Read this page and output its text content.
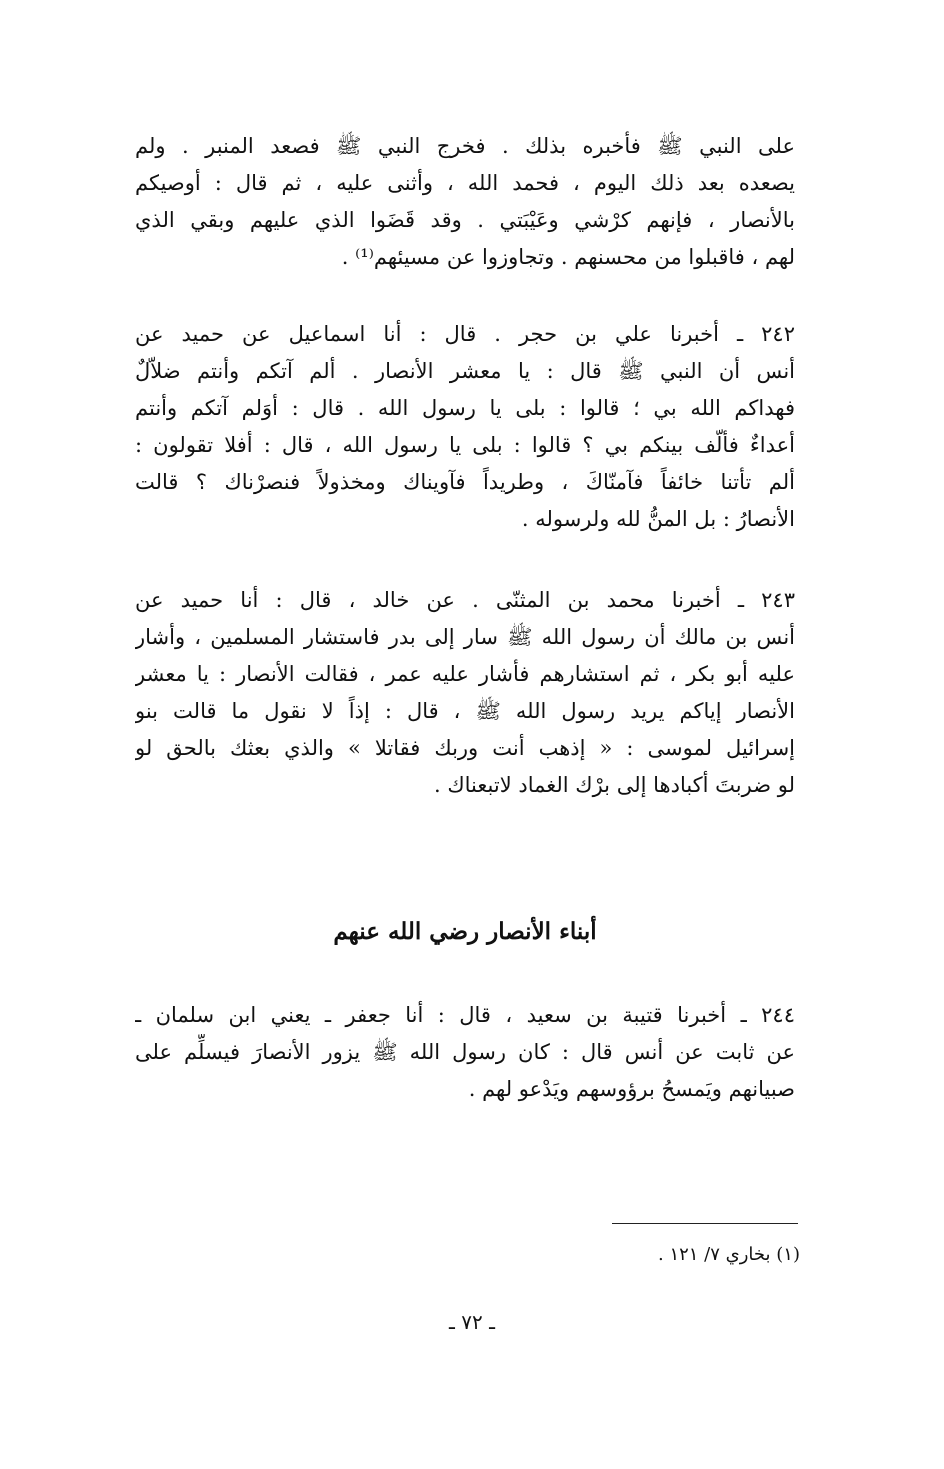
على النبي ﷺ فأخبره بذلك . فخرج النبي ﷺ فصعد المنبر . ولم
يصعده بعد ذلك اليوم ، فحمد الله ، وأثنى عليه ، ثم قال : أوصيكم
بالأنصار ، فإنهم كرْشي وعَيْبَتي . وقد قَضَوا الذي عليهم وبقي الذي
لهم ، فاقبلوا من محسنهم . وتجاوزوا عن مسيئهم⁽¹⁾ .
٢٤٢ ـ أخبرنا علي بن حجر . قال : أنا اسماعيل عن حميد عن
أنس أن النبي ﷺ قال : يا معشر الأنصار . ألم آتكم وأنتم ضلاّلٌ
فهداكم الله بي ؛ قالوا : بلى يا رسول الله . قال : أوَلم آتكم وأنتم
أعداءٌ فألّف بينكم بي ؟ قالوا : بلى يا رسول الله ، قال : أفلا تقولون :
ألم تأتنا خائفاً فآمنّاكَ ، وطريداً فآويناك ومخذولاً فنصرْناك ؟ قالت
الأنصارُ : بل المنُّ لله ولرسوله .
٢٤٣ ـ أخبرنا محمد بن المثنّى . عن خالد ، قال : أنا حميد عن
أنس بن مالك أن رسول الله ﷺ سار إلى بدر فاستشار المسلمين ، وأشار
عليه أبو بكر ، ثم استشارهم فأشار عليه عمر ، فقالت الأنصار : يا معشر
الأنصار إياكم يريد رسول الله ﷺ ، قال : إذاً لا نقول ما قالت بنو
إسرائيل لموسى : « إذهب أنت وربك فقاتلا » والذي بعثك بالحق لو
لو ضربتَ أكبادها إلى برْك الغماد لاتبعناك .
أبناء الأنصار رضي الله عنهم
٢٤٤ ـ أخبرنا قتيبة بن سعيد ، قال : أنا جعفر ـ يعني ابن سلمان ـ
عن ثابت عن أنس قال : كان رسول الله ﷺ يزور الأنصارَ فيسلِّم على
صبيانهم ويَمسحُ برؤوسهم ويَدْعو لهم .

(١) بخاري ٧/ ١٢١ .

ـ ٧٢ ـ
